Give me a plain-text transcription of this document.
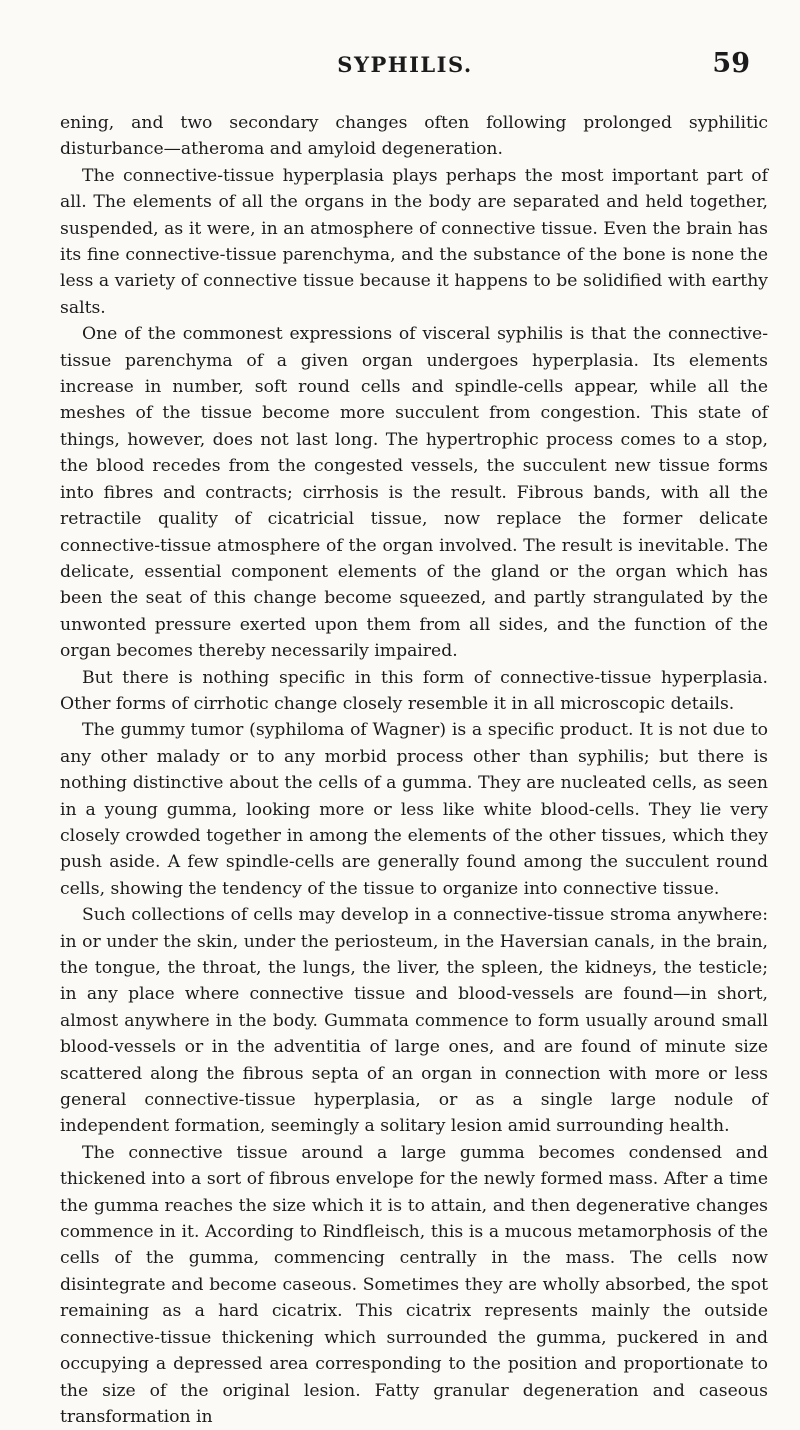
SYPHILIS.	59

ening, and two secondary changes often following prolonged syphilitic disturbance—atheroma and amyloid degeneration.

The connective-tissue hyperplasia plays perhaps the most important part of all. The elements of all the organs in the body are separated and held together, suspended, as it were, in an atmosphere of connective tissue. Even the brain has its fine connective-tissue parenchyma, and the substance of the bone is none the less a variety of connective tissue because it happens to be solidified with earthy salts.

One of the commonest expressions of visceral syphilis is that the connective-tissue parenchyma of a given organ undergoes hyperplasia. Its elements increase in number, soft round cells and spindle-cells appear, while all the meshes of the tissue become more succulent from congestion. This state of things, however, does not last long. The hypertrophic process comes to a stop, the blood recedes from the congested vessels, the succulent new tissue forms into fibres and contracts; cirrhosis is the result. Fibrous bands, with all the retractile quality of cicatricial tissue, now replace the former delicate connective-tissue atmosphere of the organ involved. The result is inevitable. The delicate, essential component elements of the gland or the organ which has been the seat of this change become squeezed, and partly strangulated by the unwonted pressure exerted upon them from all sides, and the function of the organ becomes thereby necessarily impaired.

But there is nothing specific in this form of connective-tissue hyperplasia. Other forms of cirrhotic change closely resemble it in all microscopic details.

The gummy tumor (syphiloma of Wagner) is a specific product. It is not due to any other malady or to any morbid process other than syphilis; but there is nothing distinctive about the cells of a gumma. They are nucleated cells, as seen in a young gumma, looking more or less like white blood-cells. They lie very closely crowded together in among the elements of the other tissues, which they push aside. A few spindle-cells are generally found among the succulent round cells, showing the tendency of the tissue to organize into connective tissue.

Such collections of cells may develop in a connective-tissue stroma anywhere: in or under the skin, under the periosteum, in the Haversian canals, in the brain, the tongue, the throat, the lungs, the liver, the spleen, the kidneys, the testicle; in any place where connective tissue and blood-vessels are found—in short, almost anywhere in the body. Gummata commence to form usually around small blood-vessels or in the adventitia of large ones, and are found of minute size scattered along the fibrous septa of an organ in connection with more or less general connective-tissue hyperplasia, or as a single large nodule of independent formation, seemingly a solitary lesion amid surrounding health.

The connective tissue around a large gumma becomes condensed and thickened into a sort of fibrous envelope for the newly formed mass. After a time the gumma reaches the size which it is to attain, and then degenerative changes commence in it. According to Rindfleisch, this is a mucous metamorphosis of the cells of the gumma, commencing centrally in the mass. The cells now disintegrate and become caseous. Sometimes they are wholly absorbed, the spot remaining as a hard cicatrix. This cicatrix represents mainly the outside connective-tissue thickening which surrounded the gumma, puckered in and occupying a depressed area corresponding to the position and proportionate to the size of the original lesion. Fatty granular degeneration and caseous transformation in
